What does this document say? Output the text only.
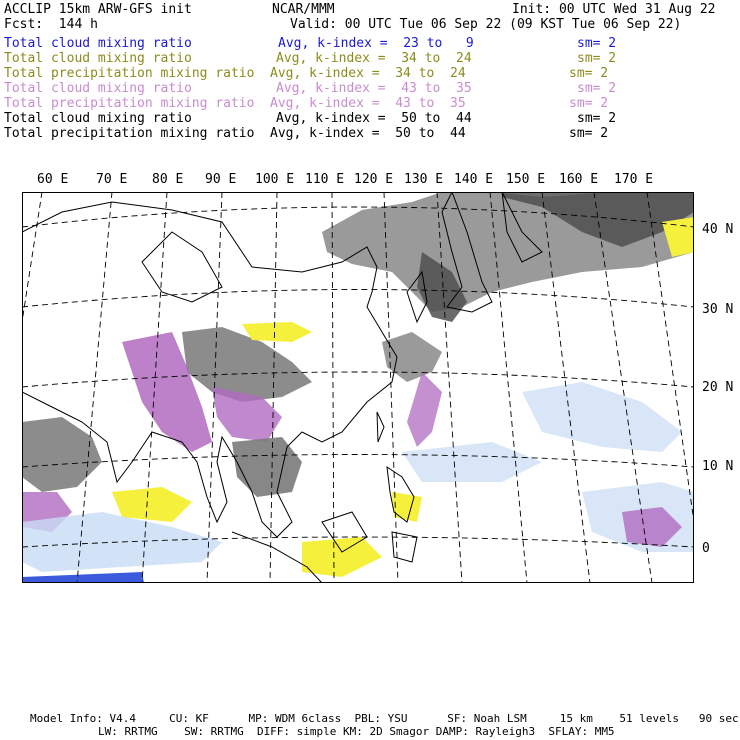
ACCLIP 15km ARW-GFS init	NCAR/MMM	Init: 00 UTC Wed 31 Aug 22
Fcst:  144 h	Valid: 00 UTC Tue 06 Sep 22 (09 KST Tue 06 Sep 22)
Total cloud mixing ratio	Avg, k-index =  23 to   9	sm= 2
Total cloud mixing ratio	Avg, k-index =  34 to  24	sm= 2
Total precipitation mixing ratio Avg, k-index =  34 to  24	sm= 2
Total cloud mixing ratio	Avg, k-index =  43 to  35	sm= 2
Total precipitation mixing ratio Avg, k-index =  43 to  35	sm= 2
Total cloud mixing ratio	Avg, k-index =  50 to  44	sm= 2
Total precipitation mixing ratio Avg, k-index =  50 to  44	sm= 2
60 E 70 E 80 E 90 E 100 E 110 E 120 E 130 E 140 E 150 E 160 E 170 E
40 N
30 N
20 N
10 N
0
Model Info: V4.4     CU: KF      MP: WDM 6class  PBL: YSU      SF: Noah LSM     15 km    51 levels   90 sec
LW: RRTMG    SW: RRTMG  DIFF: simple KM: 2D Smagor DAMP: Rayleigh3  SFLAY: MM5
